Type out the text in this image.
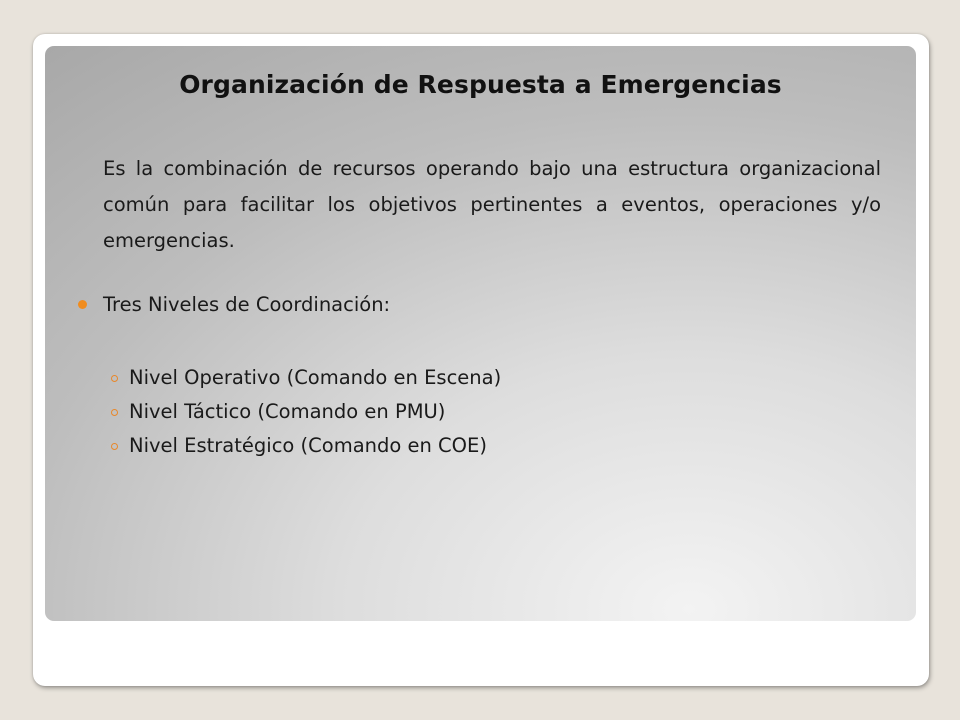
Organización de Respuesta a Emergencias

Es la combinación de recursos operando bajo una estructura organizacional común para facilitar los objetivos pertinentes a eventos, operaciones y/o emergencias.

Tres Niveles de Coordinación:
Nivel Operativo (Comando en Escena)
Nivel Táctico (Comando en PMU)
Nivel Estratégico (Comando en COE)
